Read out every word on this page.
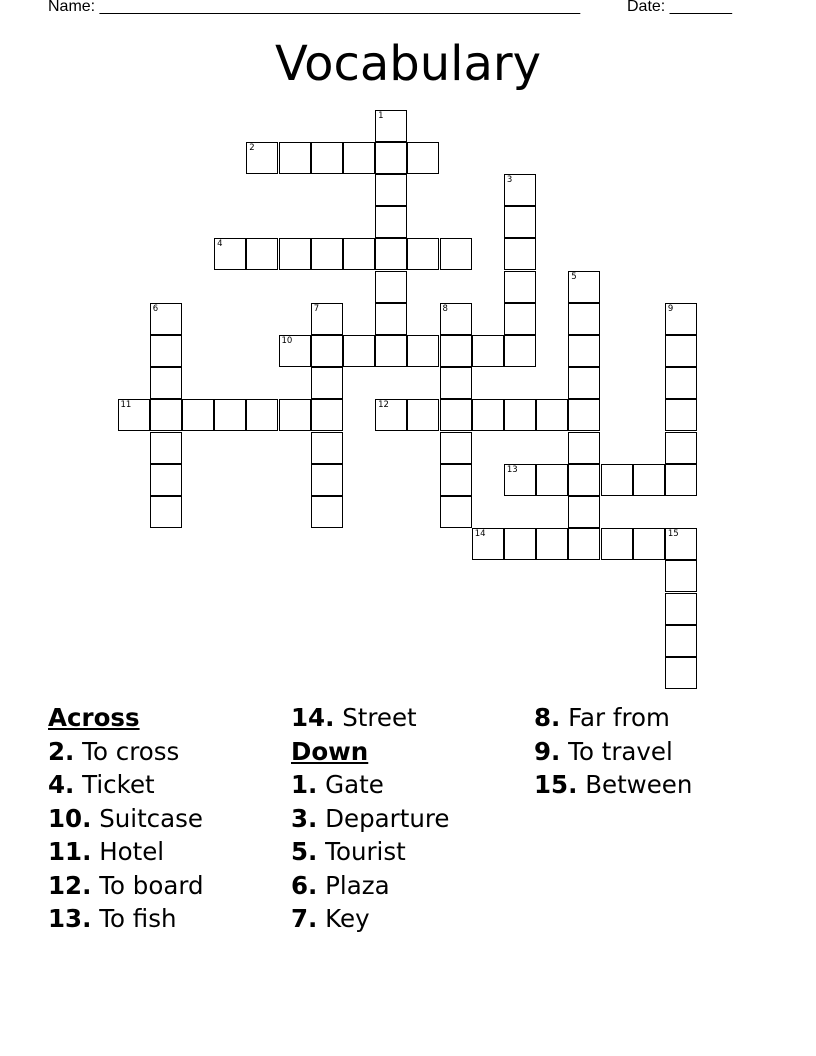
Name: ______________________________________________________	Date: _______
Vocabulary
1
2
3
4
5
6	7	8	9
10
11	12
13
14	15
Across
2. To cross
4. Ticket
10. Suitcase
11. Hotel
12. To board
13. To fish
14. Street
Down
1. Gate
3. Departure
5. Tourist
6. Plaza
7. Key
8. Far from
9. To travel
15. Between
